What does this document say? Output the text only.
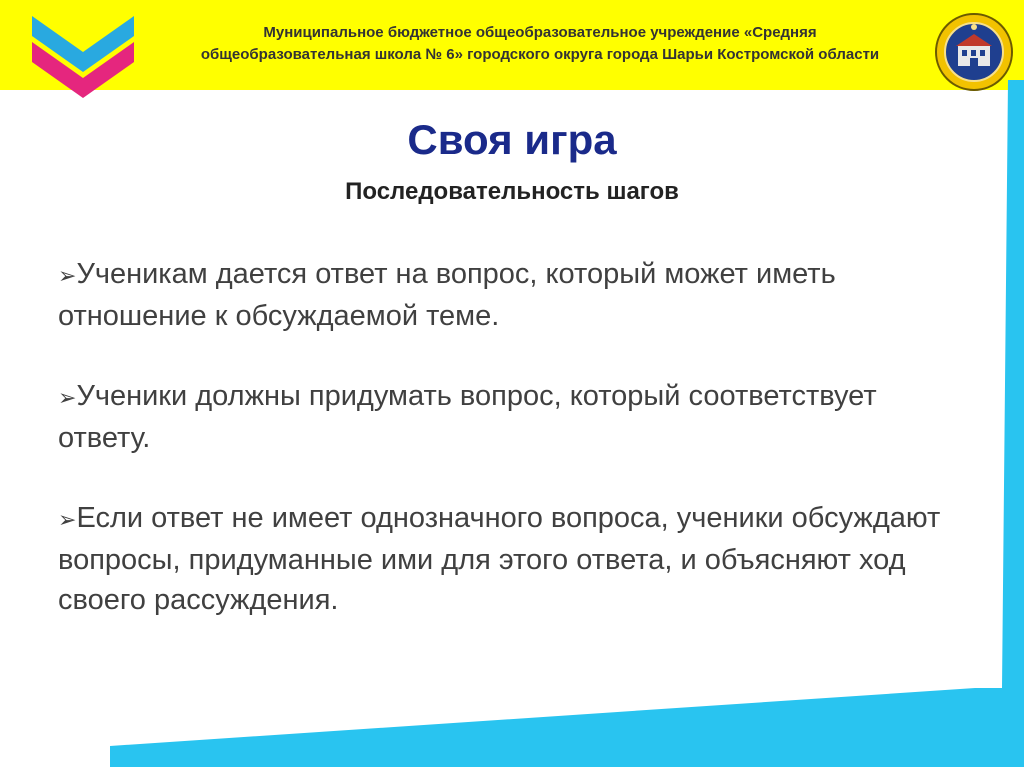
Муниципальное бюджетное общеобразовательное учреждение «Средняя
общеобразовательная школа № 6» городского округа города Шарьи Костромской области
Своя игра
Последовательность шагов
➢Ученикам дается ответ на вопрос, который может иметь отношение к обсуждаемой теме.
➢Ученики должны придумать вопрос, который соответствует ответу.
➢Если ответ не имеет однозначного вопроса, ученики обсуждают вопросы, придуманные ими для этого ответа, и объясняют ход своего рассуждения.
